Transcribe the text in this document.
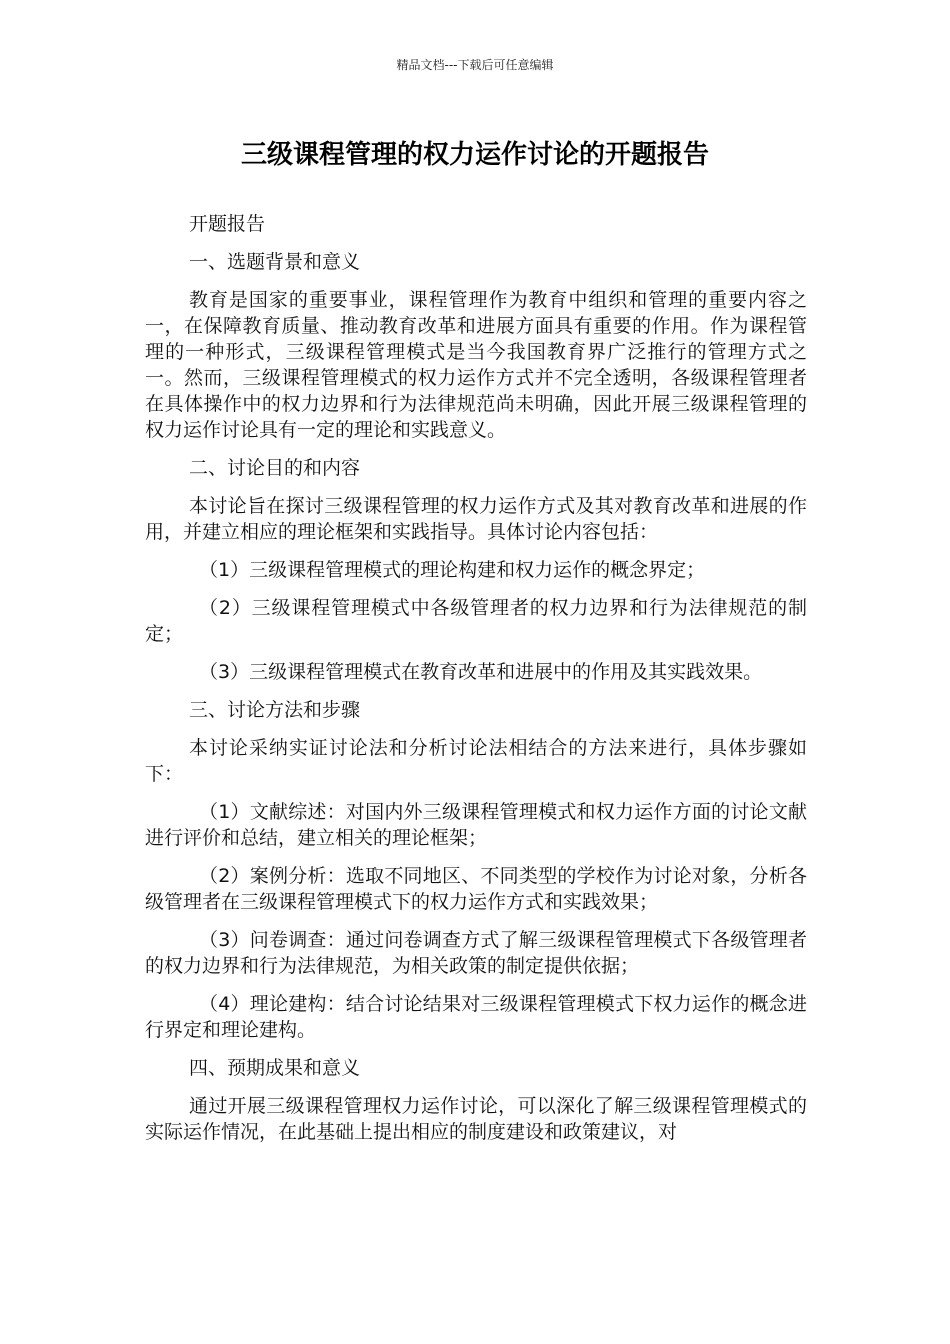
精品文档---下载后可任意编辑
三级课程管理的权力运作讨论的开题报告

开题报告

一、选题背景和意义

教育是国家的重要事业，课程管理作为教育中组织和管理的重要内容之一，在保障教育质量、推动教育改革和进展方面具有重要的作用。作为课程管理的一种形式，三级课程管理模式是当今我国教育界广泛推行的管理方式之一。然而，三级课程管理模式的权力运作方式并不完全透明，各级课程管理者在具体操作中的权力边界和行为法律规范尚未明确，因此开展三级课程管理的权力运作讨论具有一定的理论和实践意义。

二、讨论目的和内容

本讨论旨在探讨三级课程管理的权力运作方式及其对教育改革和进展的作用，并建立相应的理论框架和实践指导。具体讨论内容包括：

（1）三级课程管理模式的理论构建和权力运作的概念界定；

（2）三级课程管理模式中各级管理者的权力边界和行为法律规范的制定；

（3）三级课程管理模式在教育改革和进展中的作用及其实践效果。

三、讨论方法和步骤

本讨论采纳实证讨论法和分析讨论法相结合的方法来进行，具体步骤如下：

（1）文献综述：对国内外三级课程管理模式和权力运作方面的讨论文献进行评价和总结，建立相关的理论框架；

（2）案例分析：选取不同地区、不同类型的学校作为讨论对象，分析各级管理者在三级课程管理模式下的权力运作方式和实践效果；

（3）问卷调查：通过问卷调查方式了解三级课程管理模式下各级管理者的权力边界和行为法律规范，为相关政策的制定提供依据；

（4）理论建构：结合讨论结果对三级课程管理模式下权力运作的概念进行界定和理论建构。

四、预期成果和意义

通过开展三级课程管理权力运作讨论，可以深化了解三级课程管理模式的实际运作情况，在此基础上提出相应的制度建设和政策建议，对
